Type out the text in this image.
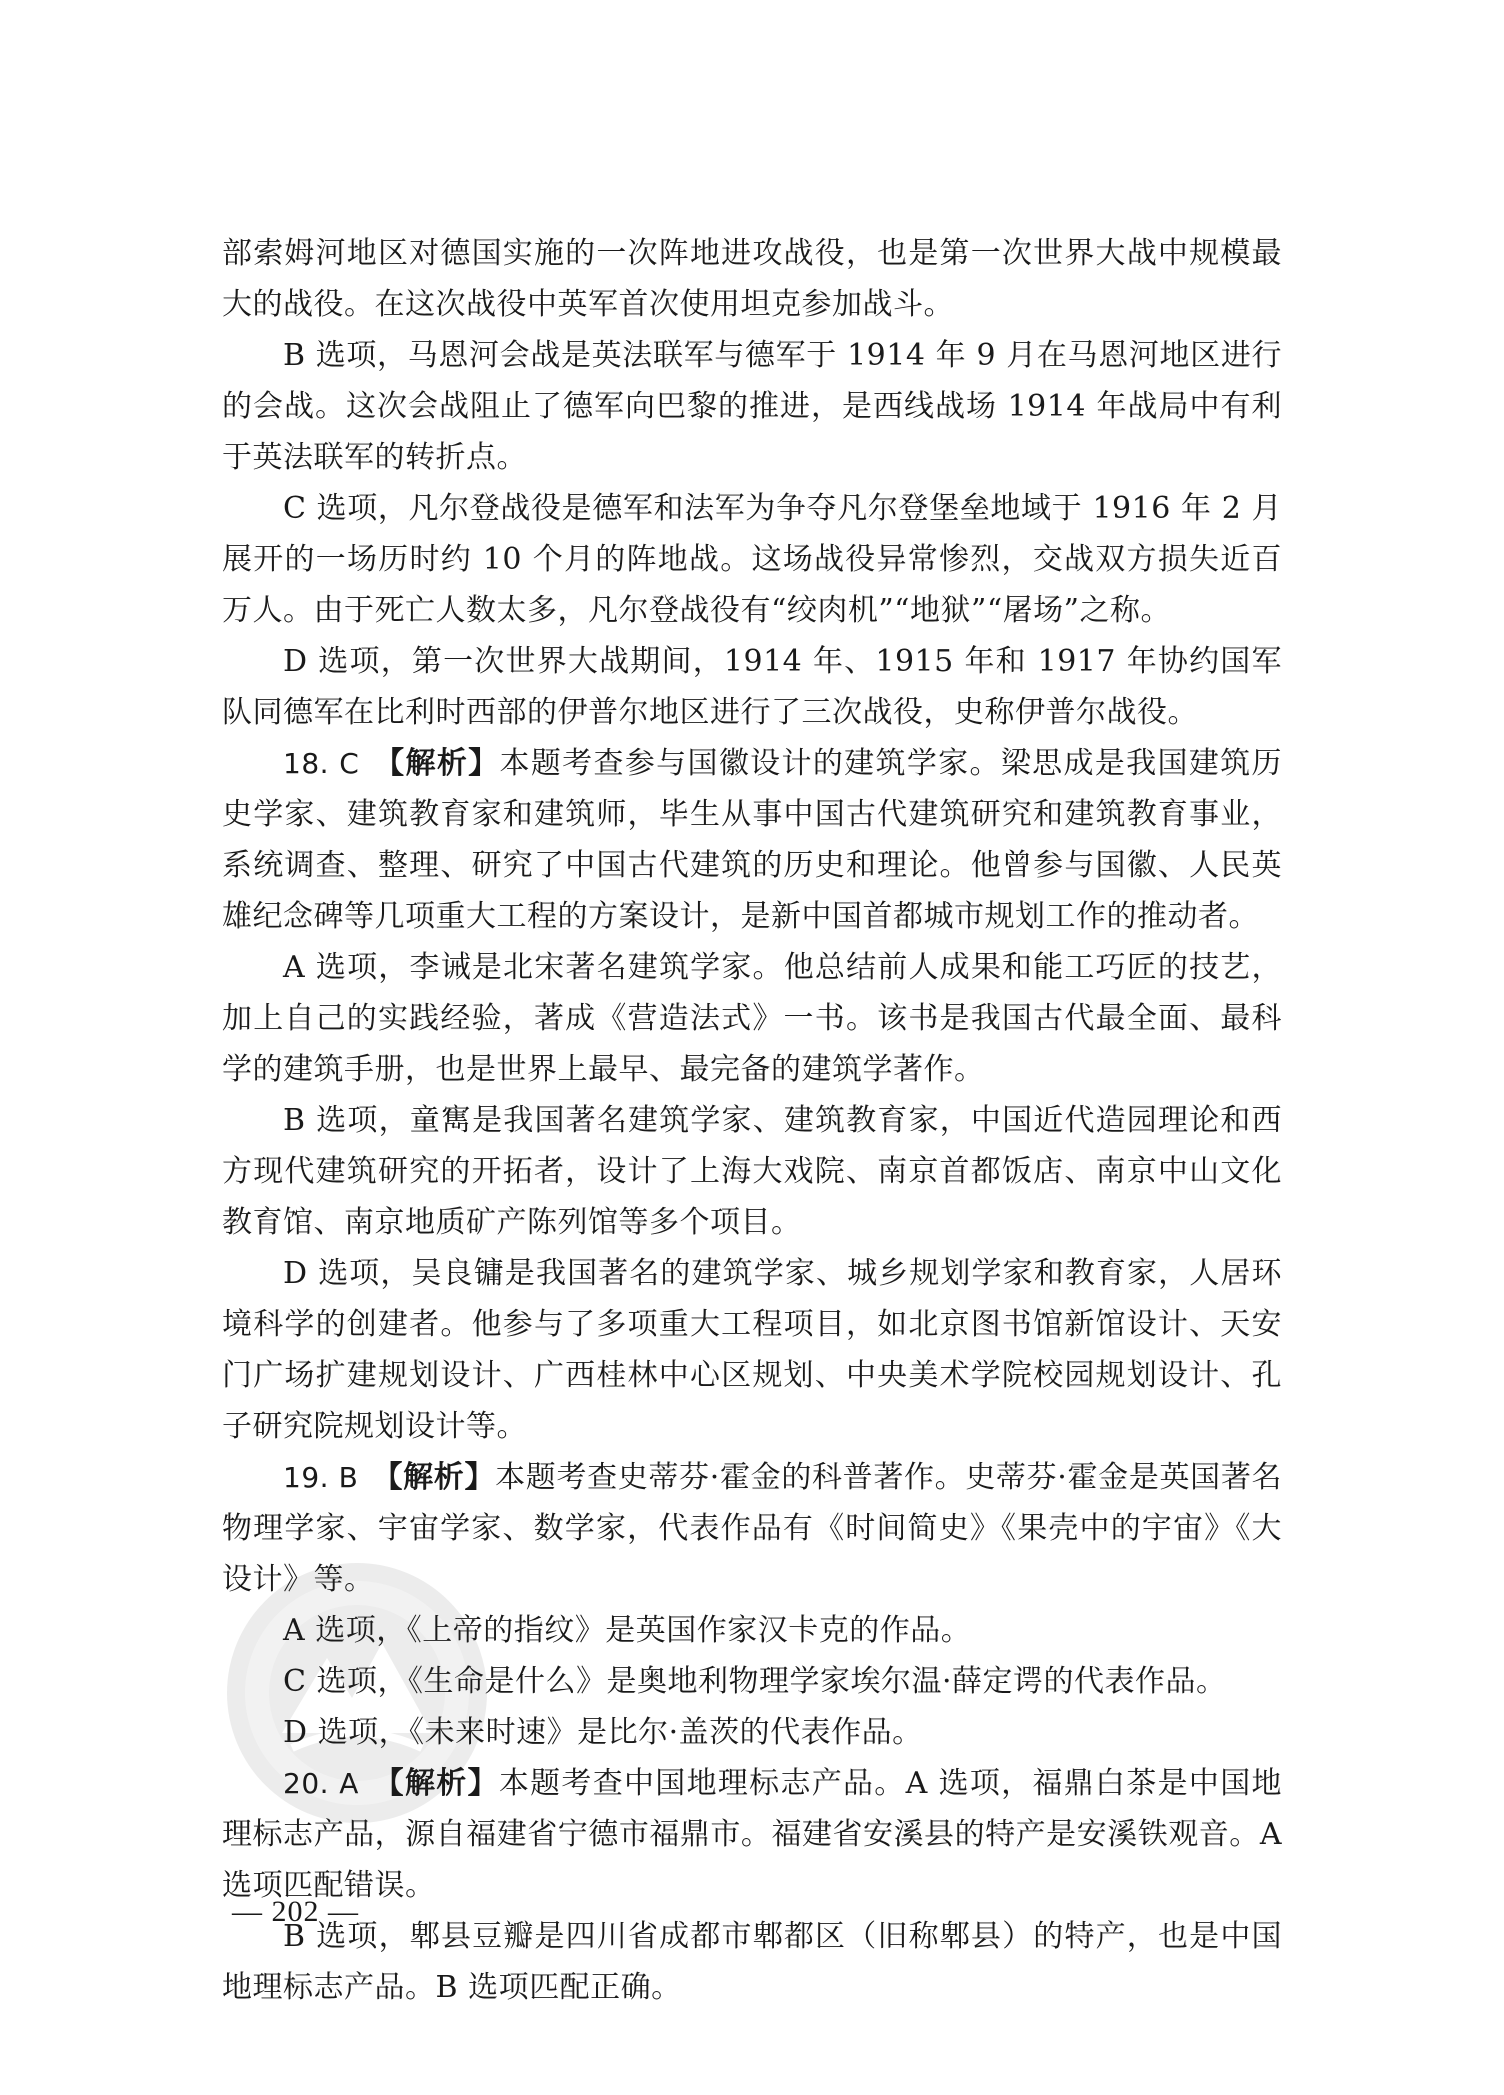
部索姆河地区对德国实施的一次阵地进攻战役，也是第一次世界大战中规模最大的战役。在这次战役中英军首次使用坦克参加战斗。

B 选项，马恩河会战是英法联军与德军于 1914 年 9 月在马恩河地区进行的会战。这次会战阻止了德军向巴黎的推进，是西线战场 1914 年战局中有利于英法联军的转折点。

C 选项，凡尔登战役是德军和法军为争夺凡尔登堡垒地域于 1916 年 2 月展开的一场历时约 10 个月的阵地战。这场战役异常惨烈，交战双方损失近百万人。由于死亡人数太多，凡尔登战役有“绞肉机”“地狱”“屠场”之称。

D 选项，第一次世界大战期间，1914 年、1915 年和 1917 年协约国军队同德军在比利时西部的伊普尔地区进行了三次战役，史称伊普尔战役。

18. C 【解析】本题考查参与国徽设计的建筑学家。梁思成是我国建筑历史学家、建筑教育家和建筑师，毕生从事中国古代建筑研究和建筑教育事业，系统调查、整理、研究了中国古代建筑的历史和理论。他曾参与国徽、人民英雄纪念碑等几项重大工程的方案设计，是新中国首都城市规划工作的推动者。

A 选项，李诫是北宋著名建筑学家。他总结前人成果和能工巧匠的技艺，加上自己的实践经验，著成《营造法式》一书。该书是我国古代最全面、最科学的建筑手册，也是世界上最早、最完备的建筑学著作。

B 选项，童寯是我国著名建筑学家、建筑教育家，中国近代造园理论和西方现代建筑研究的开拓者，设计了上海大戏院、南京首都饭店、南京中山文化教育馆、南京地质矿产陈列馆等多个项目。

D 选项，吴良镛是我国著名的建筑学家、城乡规划学家和教育家，人居环境科学的创建者。他参与了多项重大工程项目，如北京图书馆新馆设计、天安门广场扩建规划设计、广西桂林中心区规划、中央美术学院校园规划设计、孔子研究院规划设计等。

19. B 【解析】本题考查史蒂芬·霍金的科普著作。史蒂芬·霍金是英国著名物理学家、宇宙学家、数学家，代表作品有《时间简史》《果壳中的宇宙》《大设计》等。

A 选项，《上帝的指纹》是英国作家汉卡克的作品。

C 选项，《生命是什么》是奥地利物理学家埃尔温·薛定谔的代表作品。

D 选项，《未来时速》是比尔·盖茨的代表作品。

20. A 【解析】本题考查中国地理标志产品。A 选项，福鼎白茶是中国地理标志产品，源自福建省宁德市福鼎市。福建省安溪县的特产是安溪铁观音。A 选项匹配错误。

B 选项，郫县豆瓣是四川省成都市郫都区（旧称郫县）的特产，也是中国地理标志产品。B 选项匹配正确。

— 202 —
